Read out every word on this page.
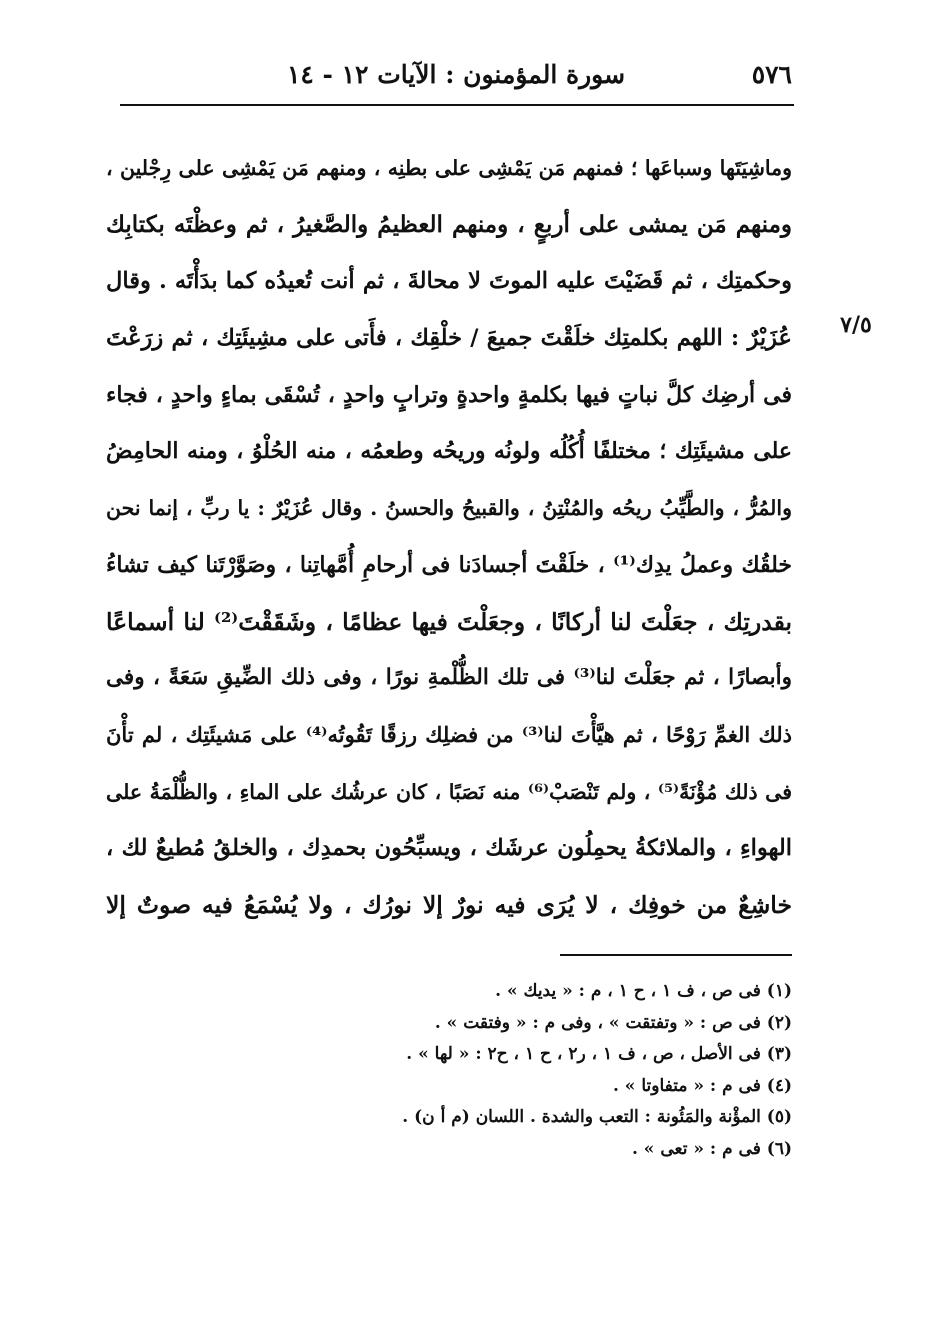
٥٧٦
سورة المؤمنون : الآيات ١٢ - ١٤
٧/٥
وماشِيَتَها وسباعَها ؛ فمنهم مَن يَمْشِى على بطنِه ، ومنهم مَن يَمْشِى على رِجْلين ،
ومنهم مَن يمشى على أربعٍ ، ومنهم العظيمُ والصَّغيرُ ، ثم وعظْتَه بكتابِك
وحكمتِك ، ثم قَضَيْتَ عليه الموتَ لا محالةَ ، ثم أنت تُعيدُه كما بدَأْتَه . وقال
عُزَيْرٌ : اللهم بكلمتِك خلَقْتَ جميعَ / خلْقِك ، فأَتى على مشِيئَتِك ، ثم زرَعْتَ
فى أرضِك كلَّ نباتٍ فيها بكلمةٍ واحدةٍ وترابٍ واحدٍ ، تُسْقَى بماءٍ واحدٍ ، فجاء
على مشيئَتِك ؛ مختلفًا أُكُلُه ولونُه وريحُه وطعمُه ، منه الحُلْوُ ، ومنه الحامِضُ
والمُرُّ ، والطَّيِّبُ ريحُه والمُنْتِنُ ، والقبيحُ والحسنُ . وقال عُزَيْرٌ : يا ربِّ ، إنما نحن
خلقُك وعملُ يدِك⁽¹⁾ ، خلَقْتَ أجسادَنا فى أرحامِ أُمَّهاتِنا ، وصَوَّرْتَنا كيف تشاءُ
بقدرتِك ، جعَلْتَ لنا أركانًا ، وجعَلْتَ فيها عظامًا ، وشَقَقْتَ⁽²⁾ لنا أسماعًا
وأبصارًا ، ثم جعَلْتَ لنا⁽³⁾ فى تلك الظُّلْمةِ نورًا ، وفى ذلك الضِّيقِ سَعَةً ، وفى
ذلك الغمِّ رَوْحًا ، ثم هيَّأْتَ لنا⁽³⁾ من فضلِك رزقًا تَقُوتُه⁽⁴⁾ على مَشيئَتِك ، لم تأْنَ
فى ذلك مُؤْنَةً⁽⁵⁾ ، ولم تَنْصَبْ⁽⁶⁾ منه نَصَبًا ، كان عرشُك على الماءِ ، والظُّلْمَةُ على
الهواءِ ، والملائكةُ يحمِلُون عرشَك ، ويسبِّحُون بحمدِك ، والخلقُ مُطيعٌ لك ،
خاشِعٌ من خوفِك ، لا يُرَى فيه نورٌ إلا نورُك ، ولا يُسْمَعُ فيه صوتٌ إلا
(١) فى ص ، ف ١ ، ح ١ ، م : « يديك » .
(٢) فى ص : « وتفتقت » ، وفى م : « وفتقت » .
(٣) فى الأصل ، ص ، ف ١ ، ر٢ ، ح ١ ، ح٢ : « لها » .
(٤) فى م : « متفاوتا » .
(٥) المؤْنة والمَئُونة : التعب والشدة . اللسان (م أ ن) .
(٦) فى م : « تعى » .
